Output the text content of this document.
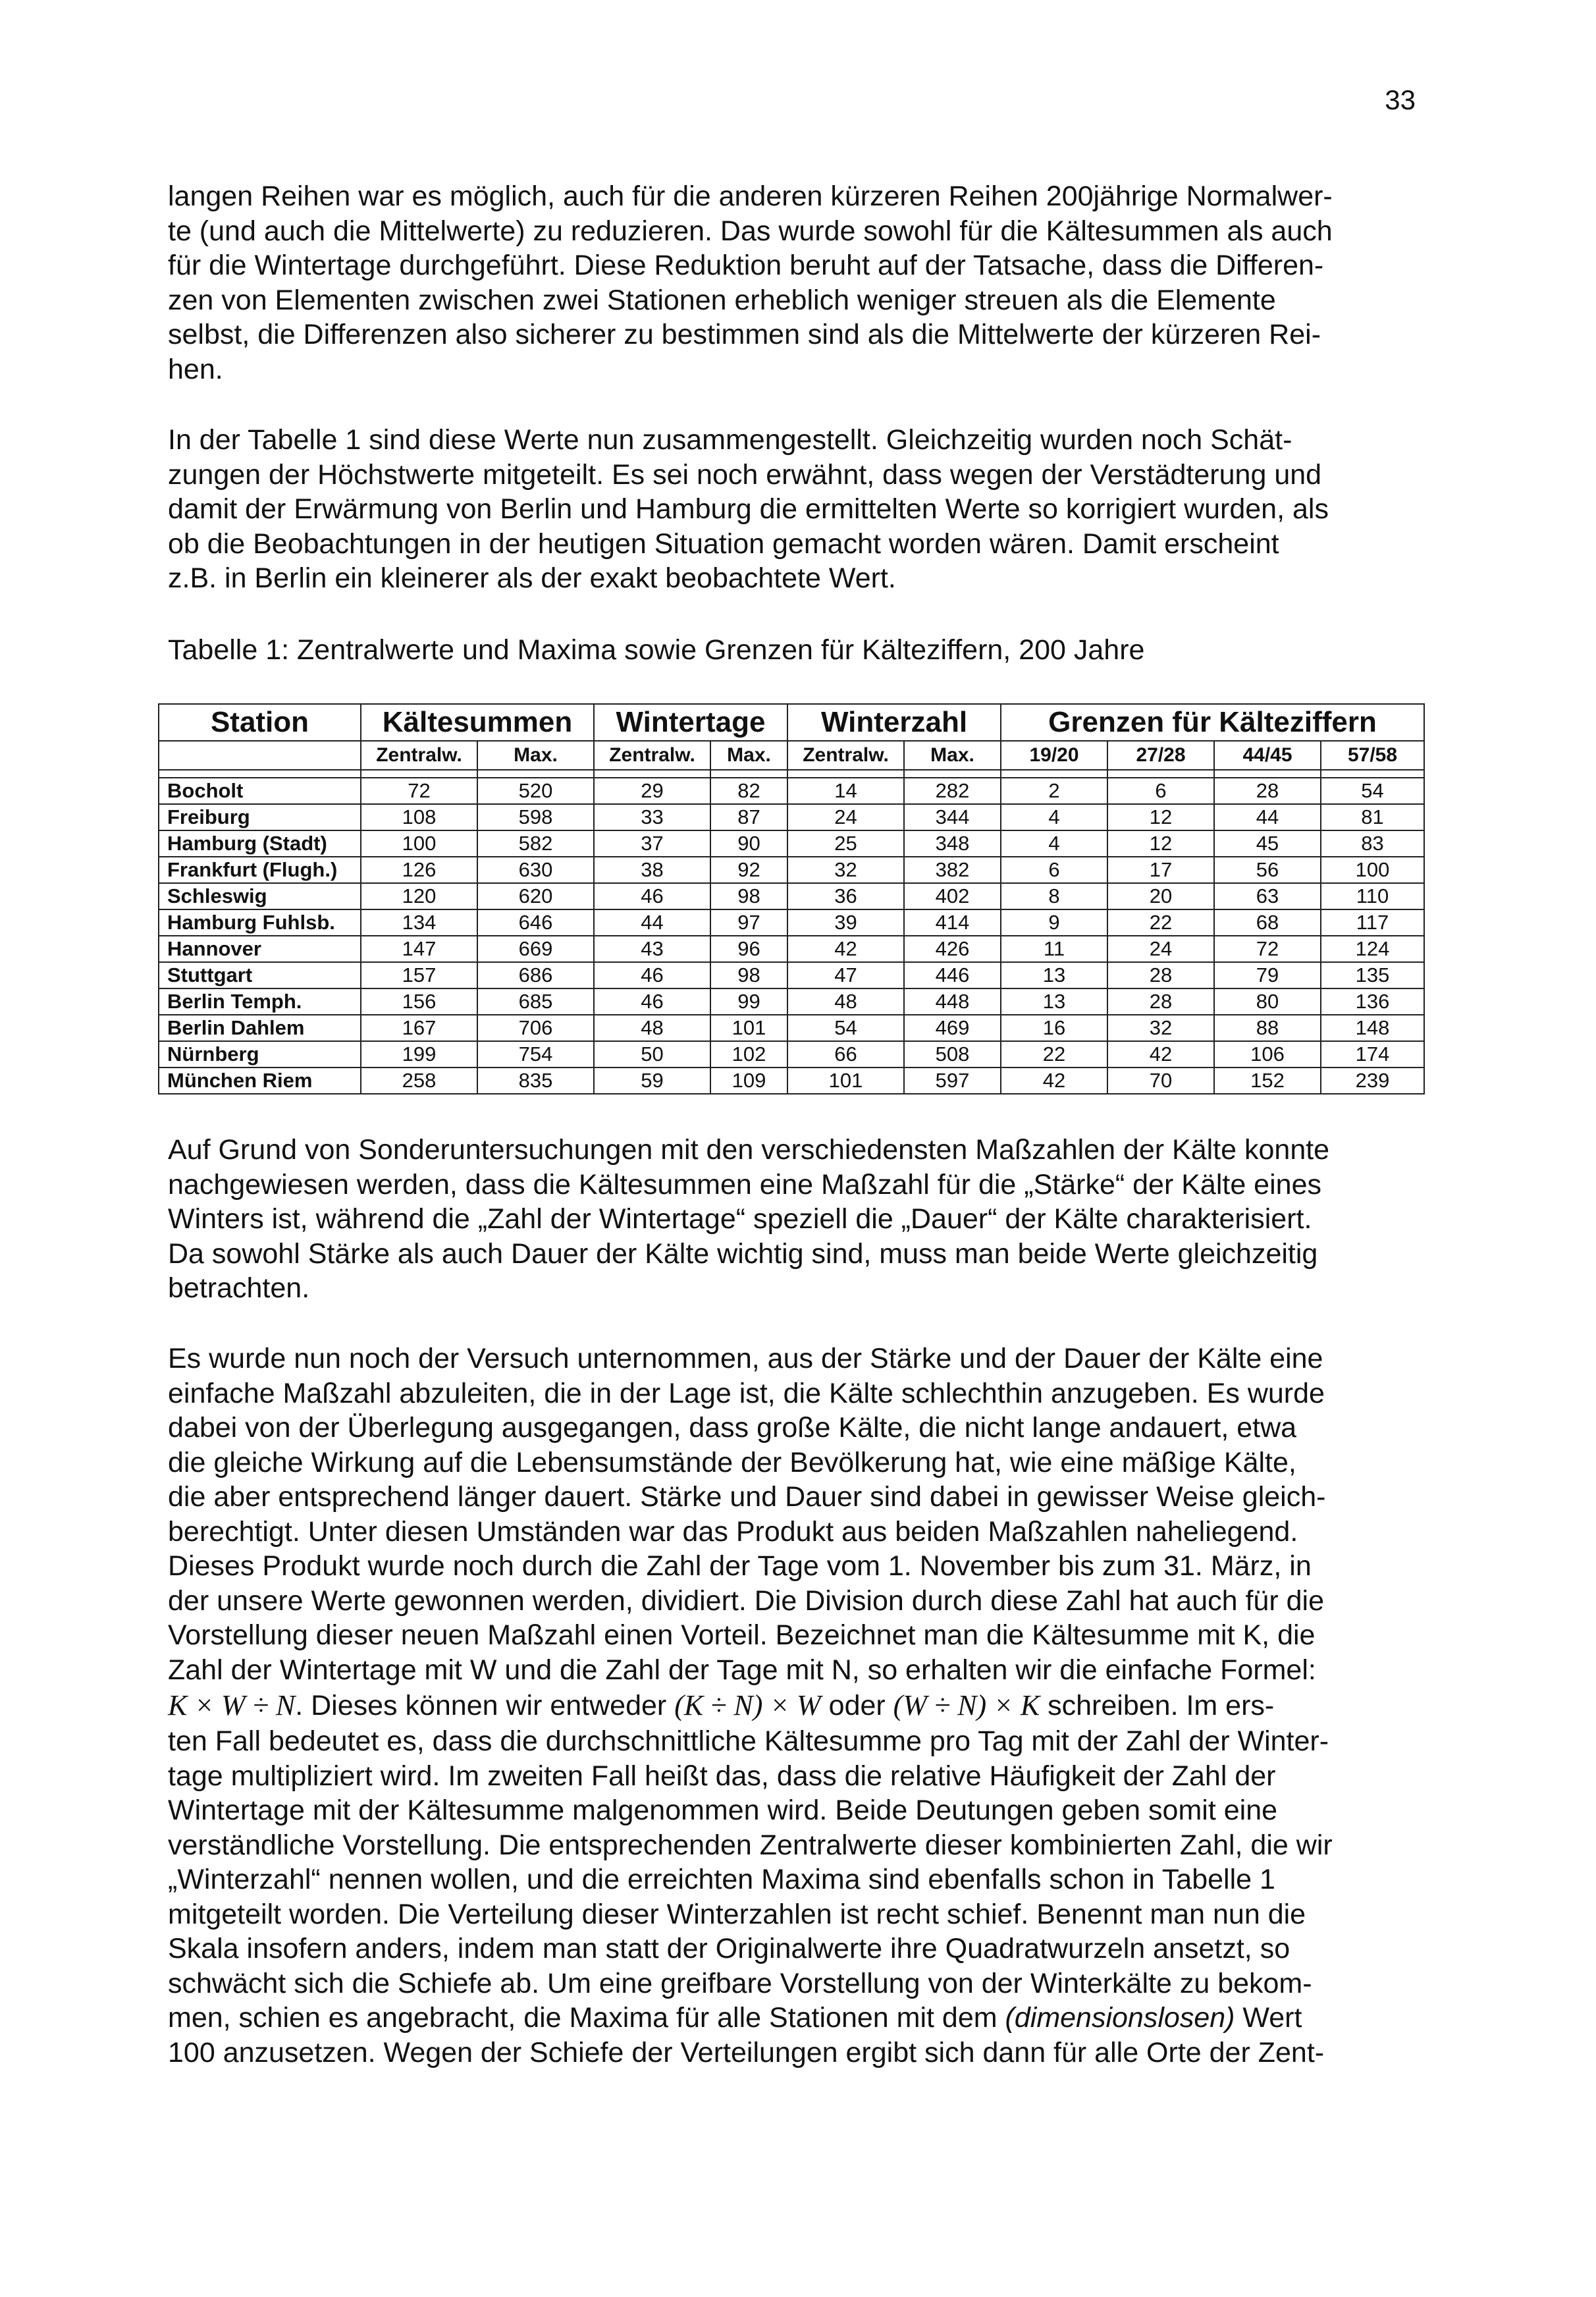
33

langen Reihen war es möglich, auch für die anderen kürzeren Reihen 200jährige Normalwer-
te (und auch die Mittelwerte) zu reduzieren. Das wurde sowohl für die Kältesummen als auch
für die Wintertage durchgeführt. Diese Reduktion beruht auf der Tatsache, dass die Differen-
zen von Elementen zwischen zwei Stationen erheblich weniger streuen als die Elemente
selbst, die Differenzen also sicherer zu bestimmen sind als die Mittelwerte der kürzeren Rei-
hen.

In der Tabelle 1 sind diese Werte nun zusammengestellt. Gleichzeitig wurden noch Schät-
zungen der Höchstwerte mitgeteilt. Es sei noch erwähnt, dass wegen der Verstädterung und
damit der Erwärmung von Berlin und Hamburg die ermittelten Werte so korrigiert wurden, als
ob die Beobachtungen in der heutigen Situation gemacht worden wären. Damit erscheint
z.B. in Berlin ein kleinerer als der exakt beobachtete Wert.

Tabelle 1: Zentralwerte und Maxima sowie Grenzen für Kälteziffern, 200 Jahre
Station	Kältesummen		Wintertage		Winterzahl		Grenzen für Kälteziffern			
	Zentralw.	Max.	Zentralw.	Max.	Zentralw.	Max.	19/20	27/28	44/45	57/58

Bocholt	72	520	29	82	14	282	2	6	28	54
Freiburg	108	598	33	87	24	344	4	12	44	81
Hamburg (Stadt)	100	582	37	90	25	348	4	12	45	83
Frankfurt (Flugh.)	126	630	38	92	32	382	6	17	56	100
Schleswig	120	620	46	98	36	402	8	20	63	110
Hamburg Fuhlsb.	134	646	44	97	39	414	9	22	68	117
Hannover	147	669	43	96	42	426	11	24	72	124
Stuttgart	157	686	46	98	47	446	13	28	79	135
Berlin Temph.	156	685	46	99	48	448	13	28	80	136
Berlin Dahlem	167	706	48	101	54	469	16	32	88	148
Nürnberg	199	754	50	102	66	508	22	42	106	174
München Riem	258	835	59	109	101	597	42	70	152	239

Auf Grund von Sonderuntersuchungen mit den verschiedensten Maßzahlen der Kälte konnte
nachgewiesen werden, dass die Kältesummen eine Maßzahl für die „Stärke“ der Kälte eines
Winters ist, während die „Zahl der Wintertage“ speziell die „Dauer“ der Kälte charakterisiert.
Da sowohl Stärke als auch Dauer der Kälte wichtig sind, muss man beide Werte gleichzeitig
betrachten.

Es wurde nun noch der Versuch unternommen, aus der Stärke und der Dauer der Kälte eine
einfache Maßzahl abzuleiten, die in der Lage ist, die Kälte schlechthin anzugeben. Es wurde
dabei von der Überlegung ausgegangen, dass große Kälte, die nicht lange andauert, etwa
die gleiche Wirkung auf die Lebensumstände der Bevölkerung hat, wie eine mäßige Kälte,
die aber entsprechend länger dauert. Stärke und Dauer sind dabei in gewisser Weise gleich-
berechtigt. Unter diesen Umständen war das Produkt aus beiden Maßzahlen naheliegend.
Dieses Produkt wurde noch durch die Zahl der Tage vom 1. November bis zum 31. März, in
der unsere Werte gewonnen werden, dividiert. Die Division durch diese Zahl hat auch für die
Vorstellung dieser neuen Maßzahl einen Vorteil. Bezeichnet man die Kältesumme mit K, die
Zahl der Wintertage mit W und die Zahl der Tage mit N, so erhalten wir die einfache Formel:
K × W ÷ N. Dieses können wir entweder (K ÷ N) × W oder (W ÷ N) × K schreiben. Im ers-
ten Fall bedeutet es, dass die durchschnittliche Kältesumme pro Tag mit der Zahl der Winter-
tage multipliziert wird. Im zweiten Fall heißt das, dass die relative Häufigkeit der Zahl der
Wintertage mit der Kältesumme malgenommen wird. Beide Deutungen geben somit eine
verständliche Vorstellung. Die entsprechenden Zentralwerte dieser kombinierten Zahl, die wir
„Winterzahl“ nennen wollen, und die erreichten Maxima sind ebenfalls schon in Tabelle 1
mitgeteilt worden. Die Verteilung dieser Winterzahlen ist recht schief. Benennt man nun die
Skala insofern anders, indem man statt der Originalwerte ihre Quadratwurzeln ansetzt, so
schwächt sich die Schiefe ab. Um eine greifbare Vorstellung von der Winterkälte zu bekom-
men, schien es angebracht, die Maxima für alle Stationen mit dem (dimensionslosen) Wert
100 anzusetzen. Wegen der Schiefe der Verteilungen ergibt sich dann für alle Orte der Zent-
